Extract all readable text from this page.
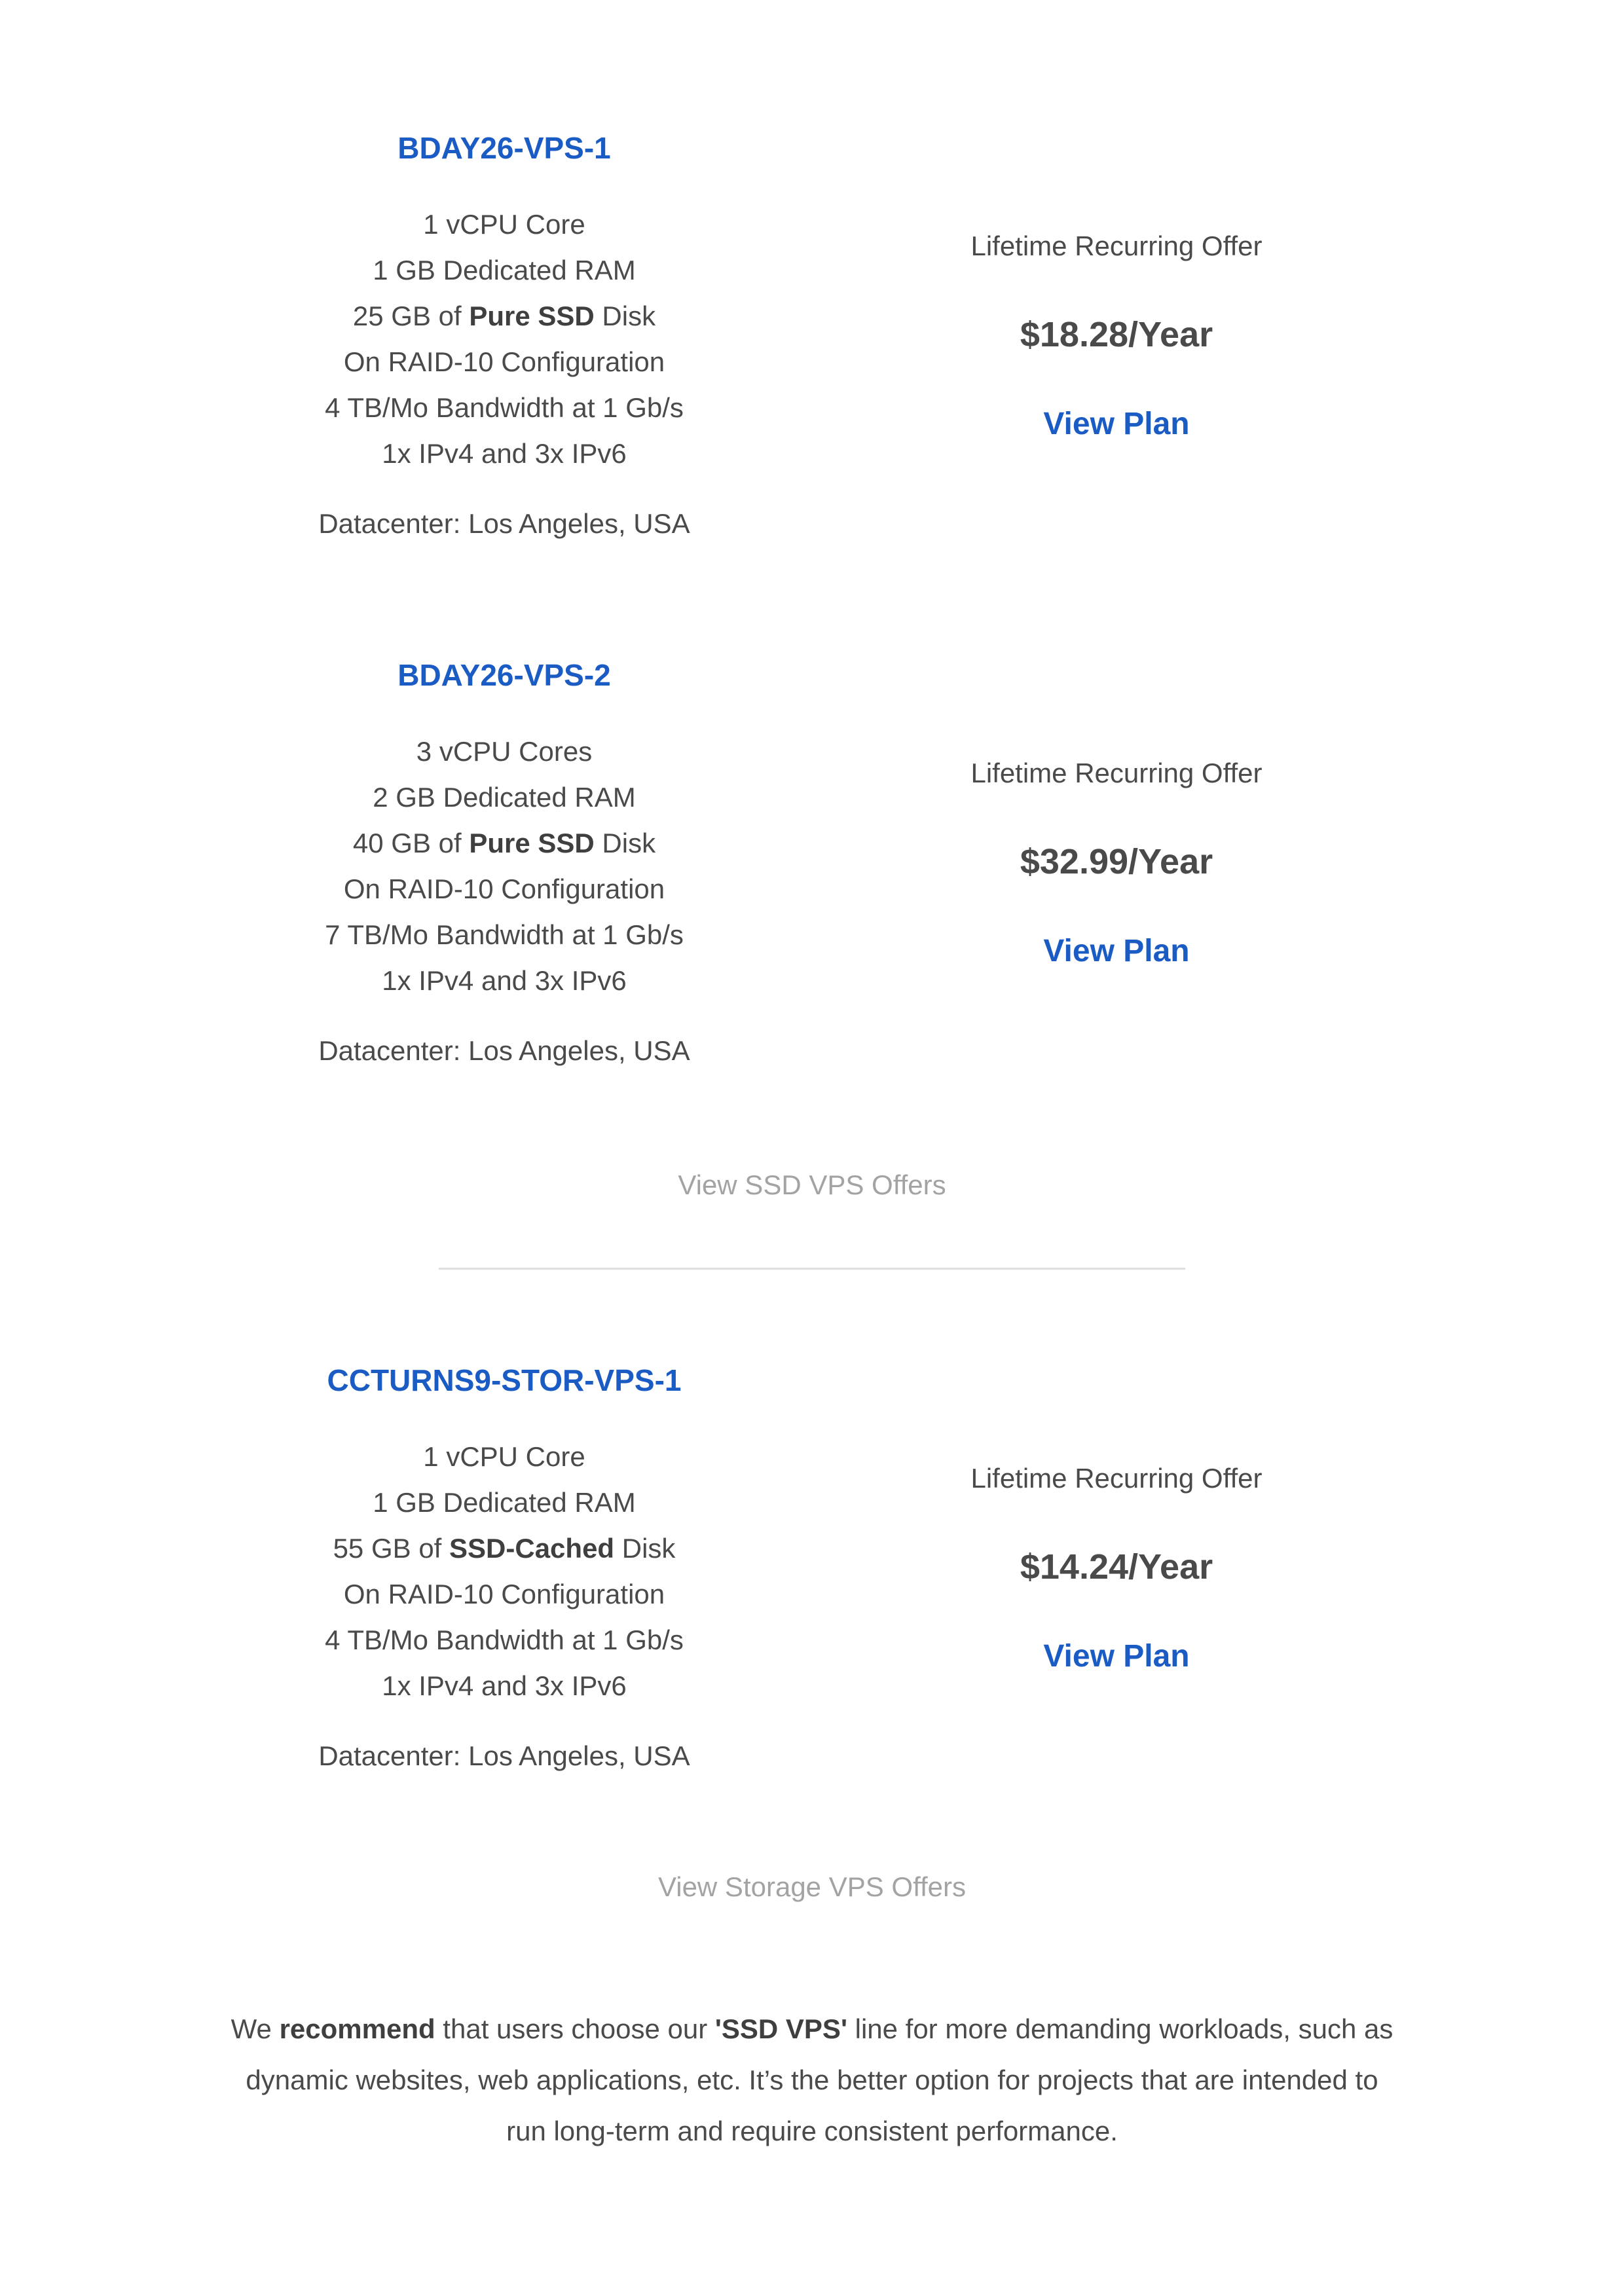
BDAY26-VPS-1
1 vCPU Core
1 GB Dedicated RAM
25 GB of Pure SSD Disk
On RAID-10 Configuration
4 TB/Mo Bandwidth at 1 Gb/s
1x IPv4 and 3x IPv6
Datacenter: Los Angeles, USA
Lifetime Recurring Offer
$18.28/Year
View Plan
BDAY26-VPS-2
3 vCPU Cores
2 GB Dedicated RAM
40 GB of Pure SSD Disk
On RAID-10 Configuration
7 TB/Mo Bandwidth at 1 Gb/s
1x IPv4 and 3x IPv6
Datacenter: Los Angeles, USA
Lifetime Recurring Offer
$32.99/Year
View Plan
View SSD VPS Offers
CCTURNS9-STOR-VPS-1
1 vCPU Core
1 GB Dedicated RAM
55 GB of SSD-Cached Disk
On RAID-10 Configuration
4 TB/Mo Bandwidth at 1 Gb/s
1x IPv4 and 3x IPv6
Datacenter: Los Angeles, USA
Lifetime Recurring Offer
$14.24/Year
View Plan
View Storage VPS Offers
We recommend that users choose our 'SSD VPS' line for more demanding workloads, such as dynamic websites, web applications, etc. It’s the better option for projects that are intended to run long-term and require consistent performance.
